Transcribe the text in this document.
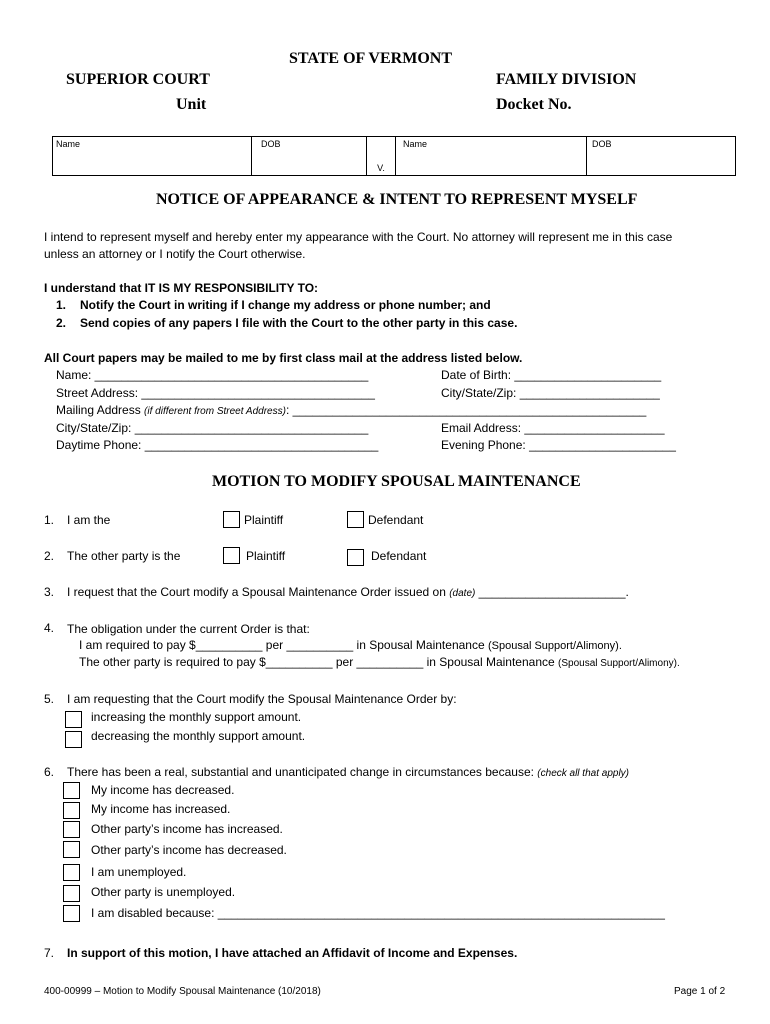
STATE OF VERMONT
SUPERIOR COURT
Unit
FAMILY DIVISION
Docket No.
Name	DOB	V.	Name	DOB
NOTICE OF APPEARANCE & INTENT TO REPRESENT MYSELF
I intend to represent myself and hereby enter my appearance with the Court. No attorney will represent me in this case
unless an attorney or I notify the Court otherwise.
I understand that IT IS MY RESPONSIBILITY TO:
1. Notify the Court in writing if I change my address or phone number; and
2. Send copies of any papers I file with the Court to the other party in this case.
All Court papers may be mailed to me by first class mail at the address listed below.
Name: _________________________________________	Date of Birth: ______________________
Street Address: ___________________________________	City/State/Zip: _____________________
Mailing Address (if different from Street Address): _____________________________________________________
City/State/Zip: ___________________________________	Email Address: _____________________
Daytime Phone: ___________________________________	Evening Phone: ______________________
MOTION TO MODIFY SPOUSAL MAINTENANCE
1. I am the	Plaintiff	Defendant
2. The other party is the	Plaintiff	Defendant
3. I request that the Court modify a Spousal Maintenance Order issued on (date) ______________________.
4. The obligation under the current Order is that:
I am required to pay $__________ per __________ in Spousal Maintenance (Spousal Support/Alimony).
The other party is required to pay $__________ per __________ in Spousal Maintenance (Spousal Support/Alimony).
5. I am requesting that the Court modify the Spousal Maintenance Order by:
increasing the monthly support amount.
decreasing the monthly support amount.
6. There has been a real, substantial and unanticipated change in circumstances because: (check all that apply)
My income has decreased.
My income has increased.
Other party’s income has increased.
Other party’s income has decreased.
I am unemployed.
Other party is unemployed.
I am disabled because: ___________________________________________________________________
7. In support of this motion, I have attached an Affidavit of Income and Expenses.
400-00999 – Motion to Modify Spousal Maintenance (10/2018)	Page 1 of 2
